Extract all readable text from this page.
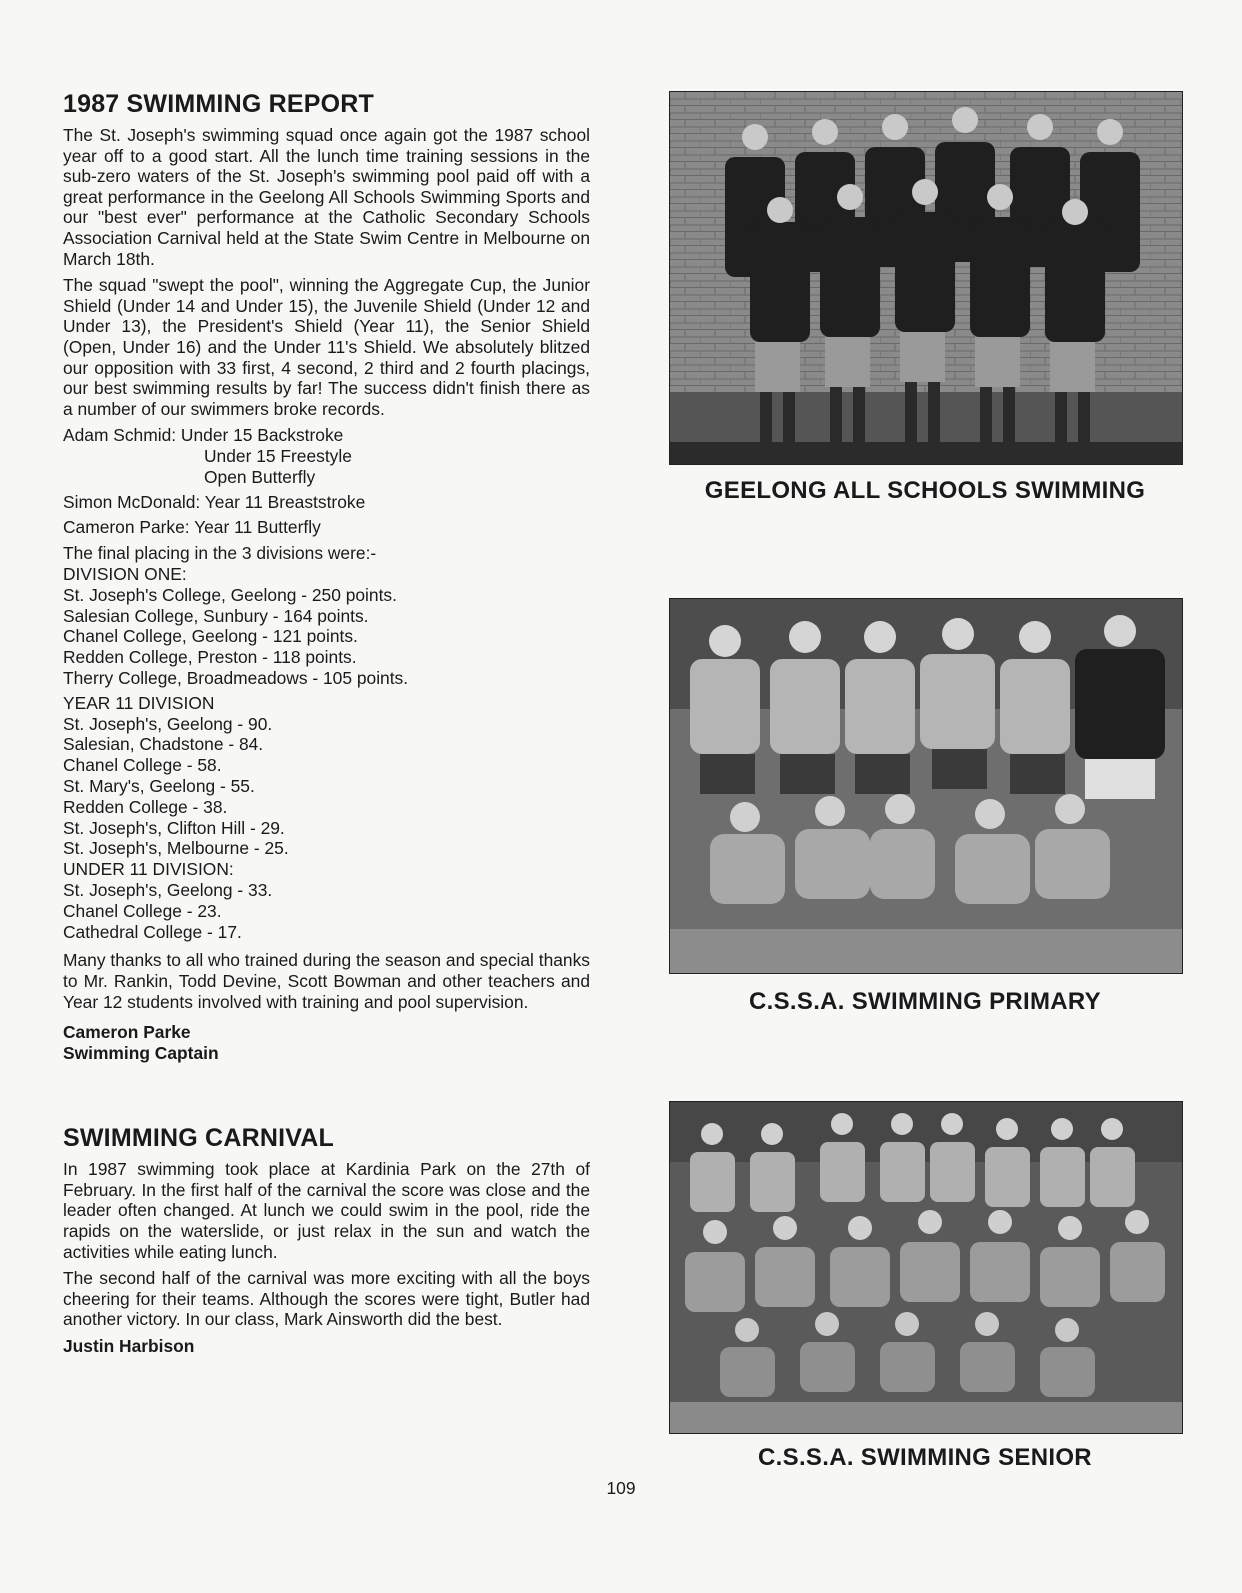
1987 SWIMMING REPORT

The St. Joseph's swimming squad once again got the 1987 school year off to a good start. All the lunch time training sessions in the sub-zero waters of the St. Joseph's swimming pool paid off with a great performance in the Geelong All Schools Swimming Sports and our "best ever" performance at the Catholic Secondary Schools Association Carnival held at the State Swim Centre in Melbourne on March 18th.

The squad "swept the pool", winning the Aggregate Cup, the Junior Shield (Under 14 and Under 15), the Juvenile Shield (Under 12 and Under 13), the President's Shield (Year 11), the Senior Shield (Open, Under 16) and the Under 11's Shield. We absolutely blitzed our opposition with 33 first, 4 second, 2 third and 2 fourth placings, our best swimming results by far! The success didn't finish there as a number of our swimmers broke records.

Adam Schmid: Under 15 Backstroke
Under 15 Freestyle
Open Butterfly
Simon McDonald: Year 11 Breaststroke
Cameron Parke: Year 11 Butterfly
The final placing in the 3 divisions were:-
DIVISION ONE:
St. Joseph's College, Geelong - 250 points.
Salesian College, Sunbury - 164 points.
Chanel College, Geelong - 121 points.
Redden College, Preston - 118 points.
Therry College, Broadmeadows - 105 points.
YEAR 11 DIVISION
St. Joseph's, Geelong - 90.
Salesian, Chadstone - 84.
Chanel College - 58.
St. Mary's, Geelong - 55.
Redden College - 38.
St. Joseph's, Clifton Hill - 29.
St. Joseph's, Melbourne - 25.
UNDER 11 DIVISION:
St. Joseph's, Geelong - 33.
Chanel College - 23.
Cathedral College - 17.

Many thanks to all who trained during the season and special thanks to Mr. Rankin, Todd Devine, Scott Bowman and other teachers and Year 12 students involved with training and pool supervision.

Cameron Parke
Swimming Captain
SWIMMING CARNIVAL

In 1987 swimming took place at Kardinia Park on the 27th of February. In the first half of the carnival the score was close and the leader often changed. At lunch we could swim in the pool, ride the rapids on the waterslide, or just relax in the sun and watch the activities while eating lunch.

The second half of the carnival was more exciting with all the boys cheering for their teams. Although the scores were tight, Butler had another victory. In our class, Mark Ainsworth did the best.

Justin Harbison
GEELONG ALL SCHOOLS SWIMMING
C.S.S.A. SWIMMING PRIMARY
C.S.S.A. SWIMMING SENIOR
109
